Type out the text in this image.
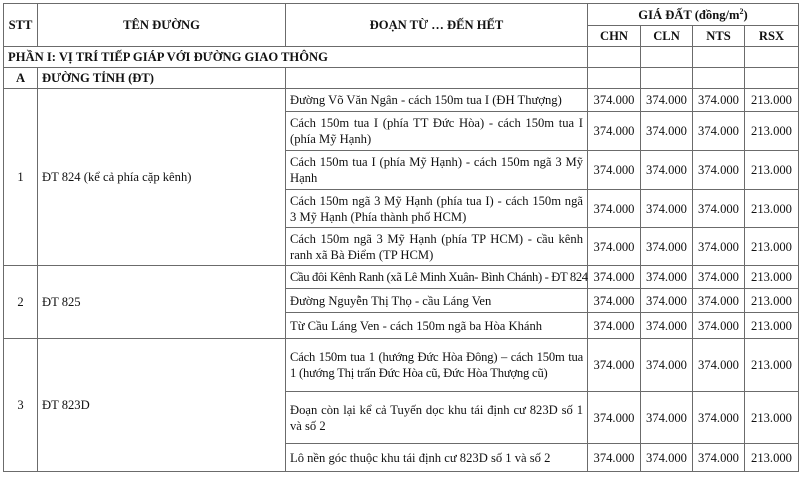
STT	TÊN ĐƯỜNG	ĐOẠN TỪ … ĐẾN HẾT	GIÁ ĐẤT $(đồng/m^2)$			
			CHN	CLN	NTS	RSX
PHẦN I: VỊ TRÍ TIẾP GIÁP VỚI ĐƯỜNG GIAO THÔNG						
A	ĐƯỜNG TỈNH (ĐT)					
1	ĐT 824 (kể cả phía cặp kênh)	Đường Võ Văn Ngân - cách 150m tua I (ĐH Thượng)	374.000	374.000	374.000	213.000
		Cách 150m tua I (phía TT Đức Hòa) - cách 150m tua I (phía Mỹ Hạnh)	374.000	374.000	374.000	213.000
		Cách 150m tua I (phía Mỹ Hạnh) - cách 150m ngã 3 Mỹ Hạnh	374.000	374.000	374.000	213.000
		Cách 150m ngã 3 Mỹ Hạnh (phía tua I) - cách 150m ngã 3 Mỹ Hạnh (Phía thành phố HCM)	374.000	374.000	374.000	213.000
		Cách 150m ngã 3 Mỹ Hạnh (phía TP HCM) - cầu kênh ranh xã Bà Điểm (TP HCM)	374.000	374.000	374.000	213.000
2	ĐT 825	Cầu đôi Kênh Ranh (xã Lê Minh Xuân- Bình Chánh) - ĐT 824	374.000	374.000	374.000	213.000
		Đường Nguyễn Thị Thọ - cầu Láng Ven	374.000	374.000	374.000	213.000
		Từ Cầu Láng Ven - cách 150m ngã ba Hòa Khánh	374.000	374.000	374.000	213.000
3	ĐT 823D	Cách 150m tua 1 (hướng Đức Hòa Đông) – cách 150m tua 1 (hướng Thị trấn Đức Hòa cũ, Đức Hòa Thượng cũ)	374.000	374.000	374.000	213.000
		Đoạn còn lại kể cả Tuyến dọc khu tái định cư 823D số 1 và số 2	374.000	374.000	374.000	213.000
		Lô nền góc thuộc khu tái định cư 823D số 1 và số 2	374.000	374.000	374.000	213.000
